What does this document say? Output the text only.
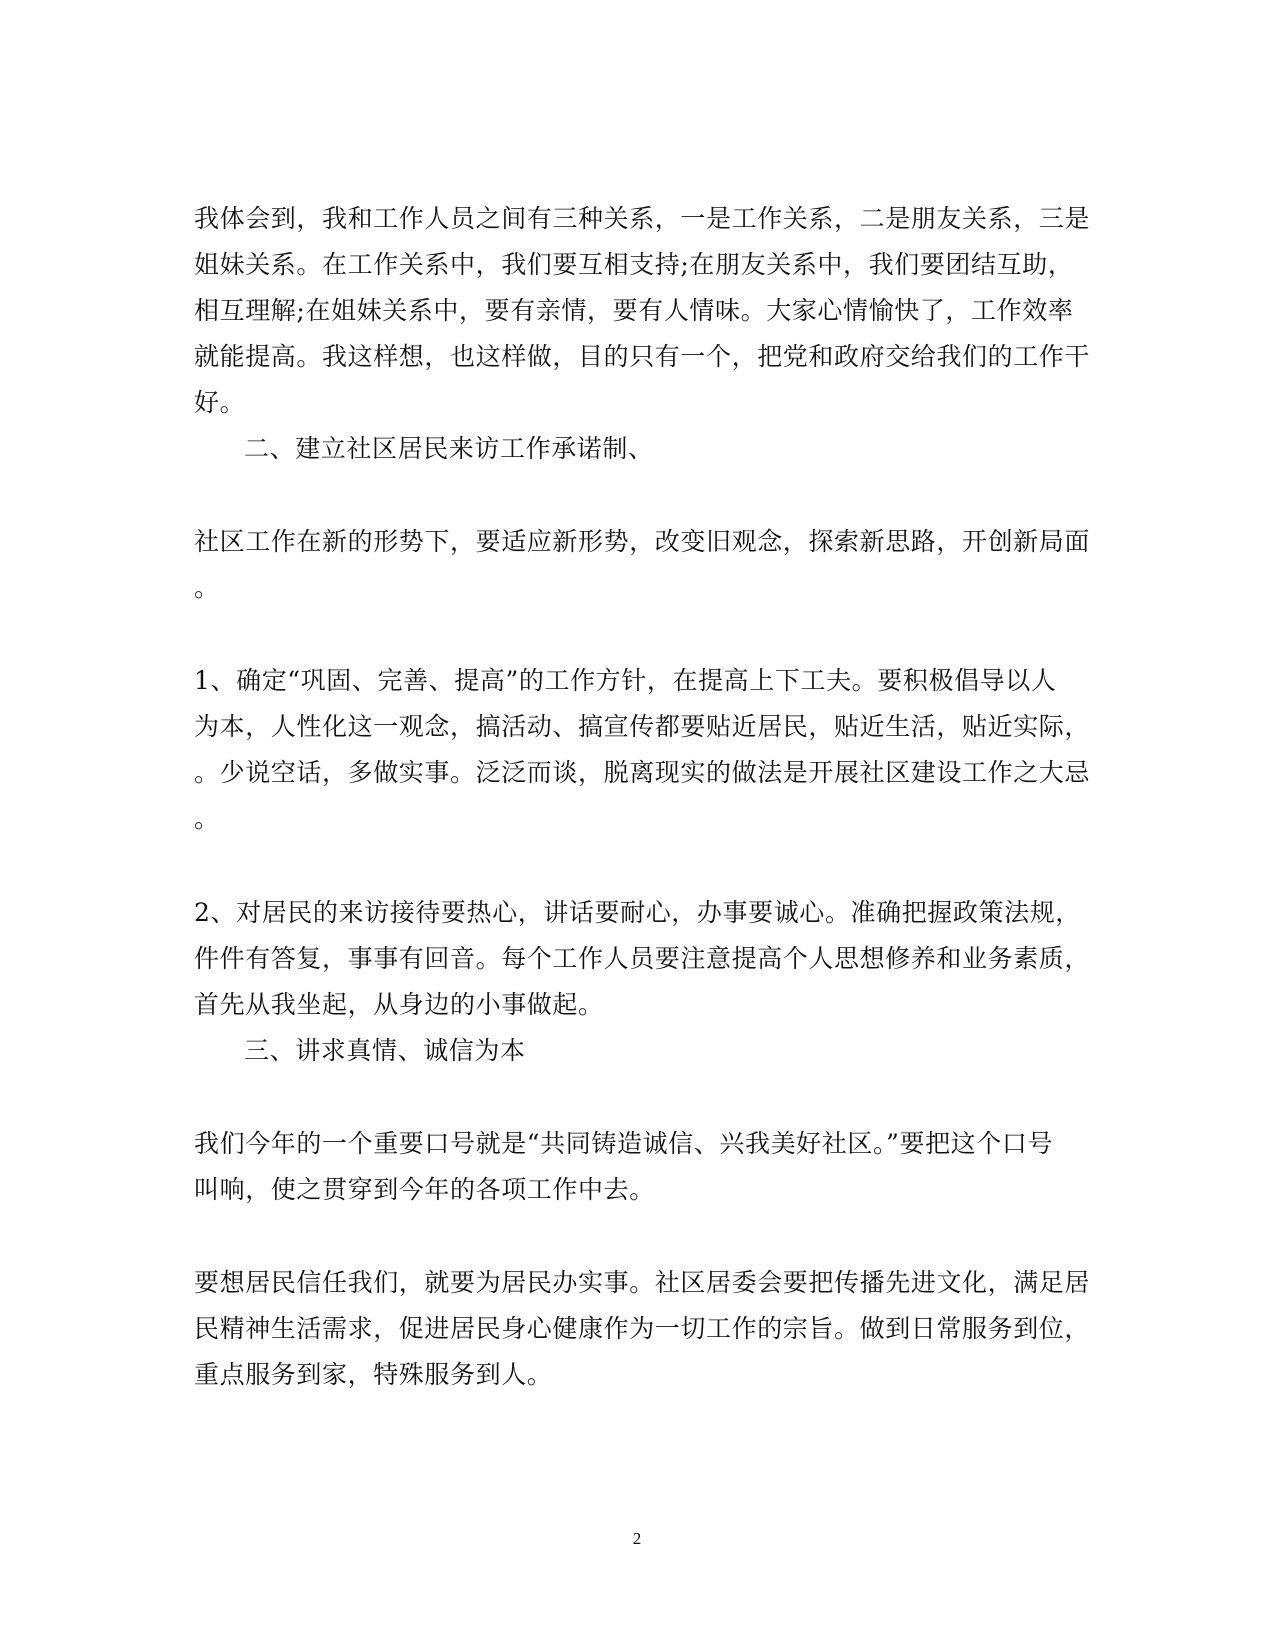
我体会到，我和工作人员之间有三种关系，一是工作关系，二是朋友关系，三是
姐妹关系。在工作关系中，我们要互相支持;在朋友关系中，我们要团结互助，
相互理解;在姐妹关系中，要有亲情，要有人情味。大家心情愉快了，工作效率
就能提高。我这样想，也这样做，目的只有一个，把党和政府交给我们的工作干
好。
二、建立社区居民来访工作承诺制、
社区工作在新的形势下，要适应新形势，改变旧观念，探索新思路，开创新局面
。
1、确定“巩固、完善、提高”的工作方针，在提高上下工夫。要积极倡导以人
为本，人性化这一观念，搞活动、搞宣传都要贴近居民，贴近生活，贴近实际，
。少说空话，多做实事。泛泛而谈，脱离现实的做法是开展社区建设工作之大忌
。
2、对居民的来访接待要热心，讲话要耐心，办事要诚心。准确把握政策法规，
件件有答复，事事有回音。每个工作人员要注意提高个人思想修养和业务素质，
首先从我坐起，从身边的小事做起。
三、讲求真情、诚信为本
我们今年的一个重要口号就是“共同铸造诚信、兴我美好社区。”要把这个口号
叫响，使之贯穿到今年的各项工作中去。
要想居民信任我们，就要为居民办实事。社区居委会要把传播先进文化，满足居
民精神生活需求，促进居民身心健康作为一切工作的宗旨。做到日常服务到位，
重点服务到家，特殊服务到人。
2
